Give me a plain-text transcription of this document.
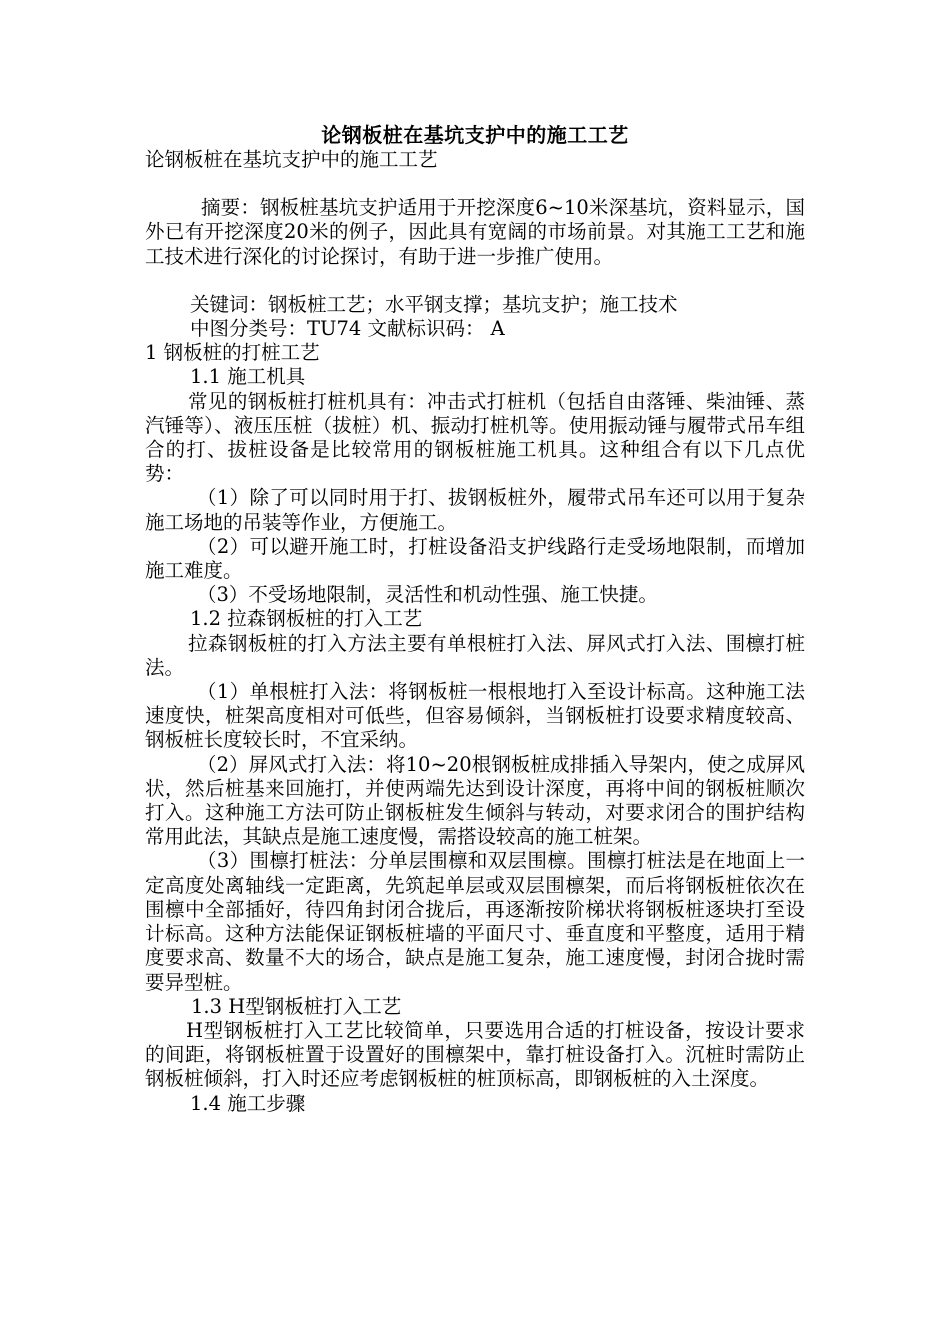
论钢板桩在基坑支护中的施工工艺

论钢板桩在基坑支护中的施工工艺

摘要：钢板桩基坑支护适用于开挖深度6~10米深基坑，资料显示，国外已有开挖深度20米的例子，因此具有宽阔的市场前景。对其施工工艺和施工技术进行深化的讨论探讨，有助于进一步推广使用。

关键词：钢板桩工艺；水平钢支撑；基坑支护；施工技术

中图分类号：TU74 文献标识码： A

1 钢板桩的打桩工艺

1.1 施工机具

常见的钢板桩打桩机具有：冲击式打桩机（包括自由落锤、柴油锤、蒸汽锤等）、液压压桩（拔桩）机、振动打桩机等。使用振动锤与履带式吊车组合的打、拔桩设备是比较常用的钢板桩施工机具。这种组合有以下几点优势：

（1）除了可以同时用于打、拔钢板桩外，履带式吊车还可以用于复杂施工场地的吊装等作业，方便施工。

（2）可以避开施工时，打桩设备沿支护线路行走受场地限制，而增加施工难度。

（3）不受场地限制，灵活性和机动性强、施工快捷。

1.2 拉森钢板桩的打入工艺

拉森钢板桩的打入方法主要有单根桩打入法、屏风式打入法、围檩打桩法。

（1）单根桩打入法：将钢板桩一根根地打入至设计标高。这种施工法速度快，桩架高度相对可低些，但容易倾斜，当钢板桩打设要求精度较高、钢板桩长度较长时，不宜采纳。

（2）屏风式打入法：将10~20根钢板桩成排插入导架内，使之成屏风状，然后桩基来回施打，并使两端先达到设计深度，再将中间的钢板桩顺次打入。这种施工方法可防止钢板桩发生倾斜与转动，对要求闭合的围护结构常用此法，其缺点是施工速度慢，需搭设较高的施工桩架。

（3）围檩打桩法：分单层围檩和双层围檩。围檩打桩法是在地面上一定高度处离轴线一定距离，先筑起单层或双层围檩架，而后将钢板桩依次在围檩中全部插好，待四角封闭合拢后，再逐渐按阶梯状将钢板桩逐块打至设计标高。这种方法能保证钢板桩墙的平面尺寸、垂直度和平整度，适用于精度要求高、数量不大的场合，缺点是施工复杂，施工速度慢，封闭合拢时需要异型桩。

1.3 H型钢板桩打入工艺

H型钢板桩打入工艺比较简单，只要选用合适的打桩设备，按设计要求的间距，将钢板桩置于设置好的围檩架中，靠打桩设备打入。沉桩时需防止钢板桩倾斜，打入时还应考虑钢板桩的桩顶标高，即钢板桩的入土深度。

1.4 施工步骤
